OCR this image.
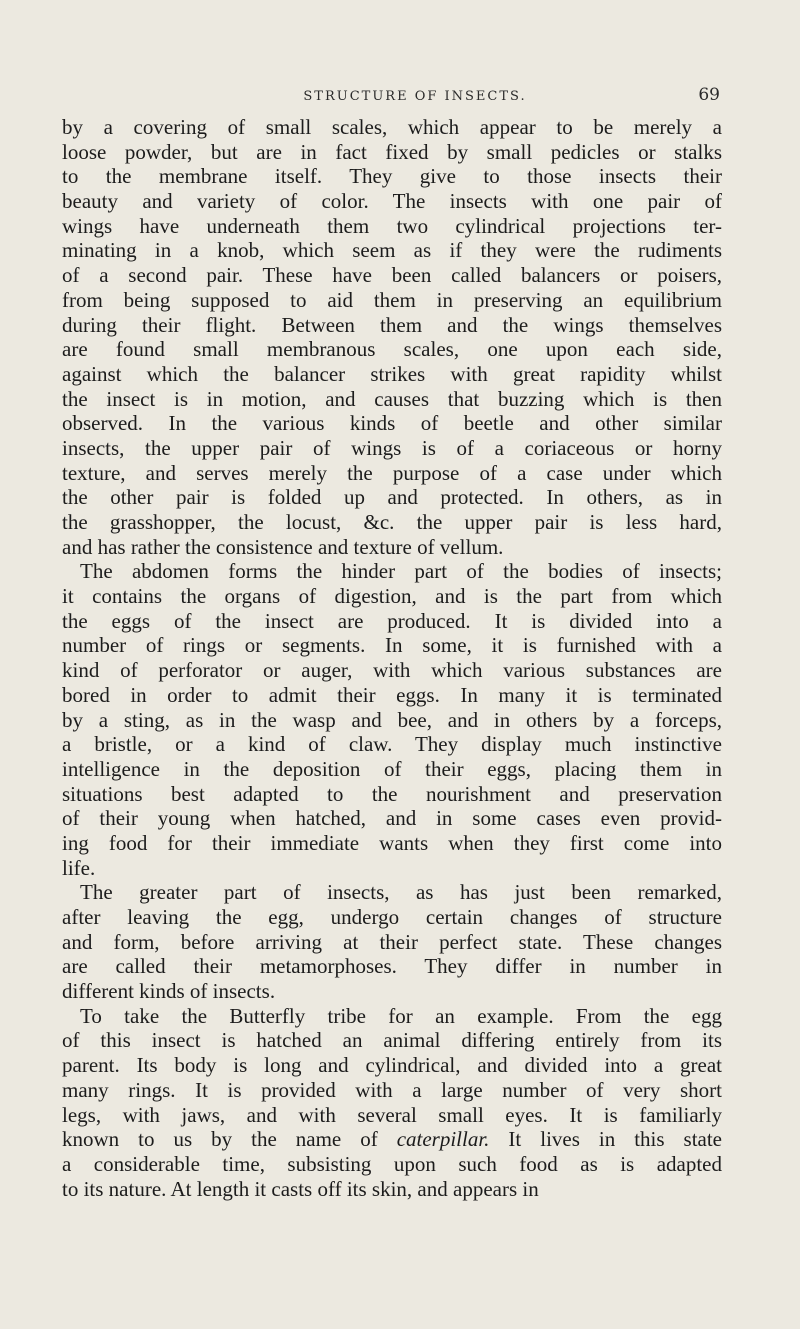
STRUCTURE OF INSECTS.	69
by a covering of small scales, which appear to be merely a
loose powder, but are in fact fixed by small pedicles or stalks
to the membrane itself. They give to those insects their
beauty and variety of color. The insects with one pair of
wings have underneath them two cylindrical projections ter-
minating in a knob, which seem as if they were the rudiments
of a second pair. These have been called balancers or poisers,
from being supposed to aid them in preserving an equilibrium
during their flight. Between them and the wings themselves
are found small membranous scales, one upon each side,
against which the balancer strikes with great rapidity whilst
the insect is in motion, and causes that buzzing which is then
observed. In the various kinds of beetle and other similar
insects, the upper pair of wings is of a coriaceous or horny
texture, and serves merely the purpose of a case under which
the other pair is folded up and protected. In others, as in
the grasshopper, the locust, &c. the upper pair is less hard,
and has rather the consistence and texture of vellum.
The abdomen forms the hinder part of the bodies of insects;
it contains the organs of digestion, and is the part from which
the eggs of the insect are produced. It is divided into a
number of rings or segments. In some, it is furnished with a
kind of perforator or auger, with which various substances are
bored in order to admit their eggs. In many it is terminated
by a sting, as in the wasp and bee, and in others by a forceps,
a bristle, or a kind of claw. They display much instinctive
intelligence in the deposition of their eggs, placing them in
situations best adapted to the nourishment and preservation
of their young when hatched, and in some cases even provid-
ing food for their immediate wants when they first come into
life.
The greater part of insects, as has just been remarked,
after leaving the egg, undergo certain changes of structure
and form, before arriving at their perfect state. These changes
are called their metamorphoses. They differ in number in
different kinds of insects.
To take the Butterfly tribe for an example. From the egg
of this insect is hatched an animal differing entirely from its
parent. Its body is long and cylindrical, and divided into a great
many rings. It is provided with a large number of very short
legs, with jaws, and with several small eyes. It is familiarly
known to us by the name of caterpillar. It lives in this state
a considerable time, subsisting upon such food as is adapted
to its nature. At length it casts off its skin, and appears in
